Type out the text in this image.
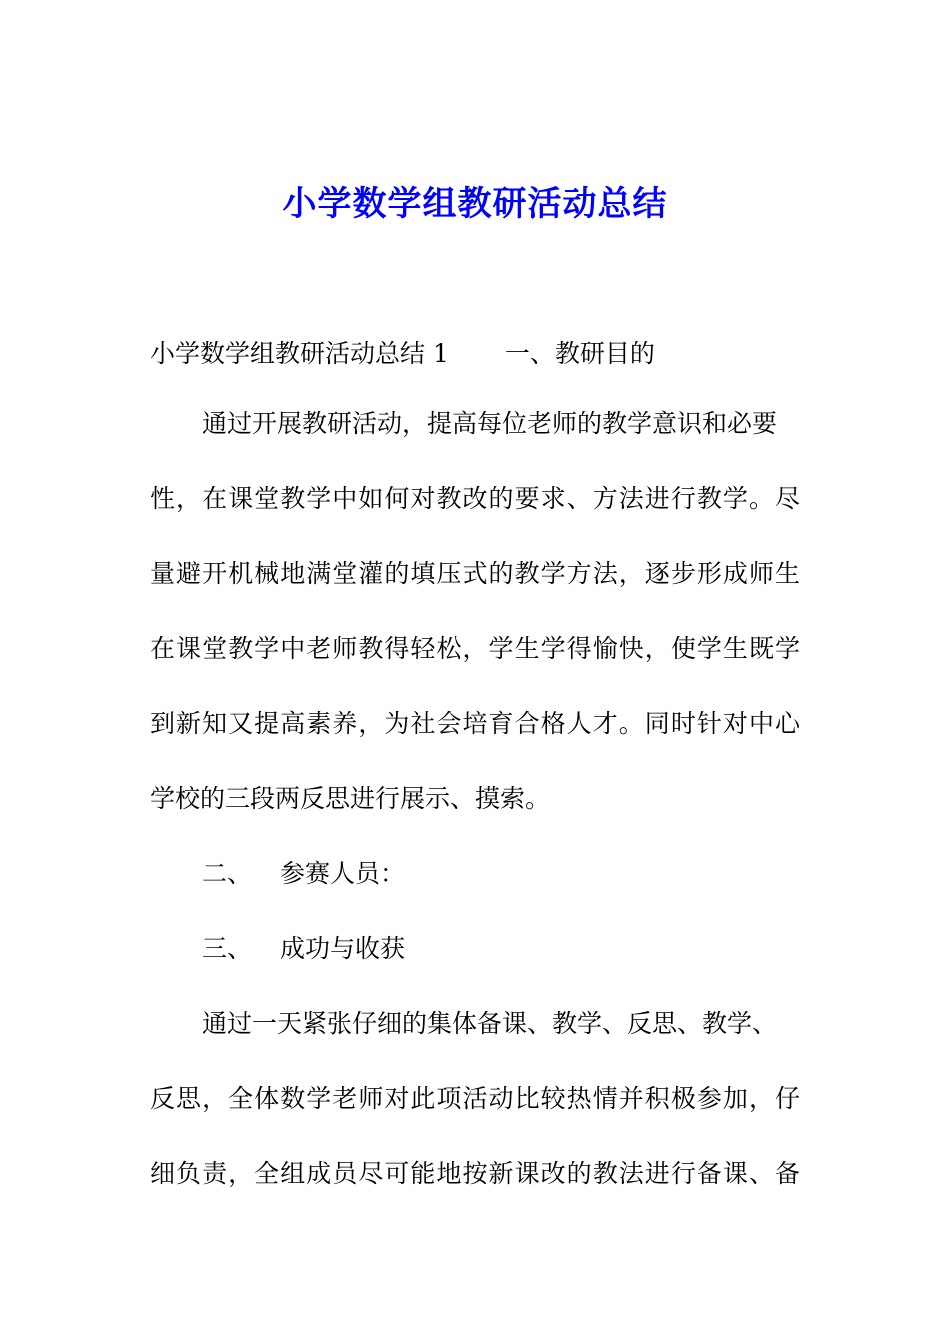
小学数学组教研活动总结

小学数学组教研活动总结 1 一、教研目的

通过开展教研活动，提高每位老师的教学意识和必要

性，在课堂教学中如何对教改的要求、方法进行教学。尽

量避开机械地满堂灌的填压式的教学方法，逐步形成师生

在课堂教学中老师教得轻松，学生学得愉快，使学生既学

到新知又提高素养，为社会培育合格人才。同时针对中心

学校的三段两反思进行展示、摸索。

二、 参赛人员：

三、 成功与收获

通过一天紧张仔细的集体备课、教学、反思、教学、

反思，全体数学老师对此项活动比较热情并积极参加，仔

细负责，全组成员尽可能地按新课改的教法进行备课、备
